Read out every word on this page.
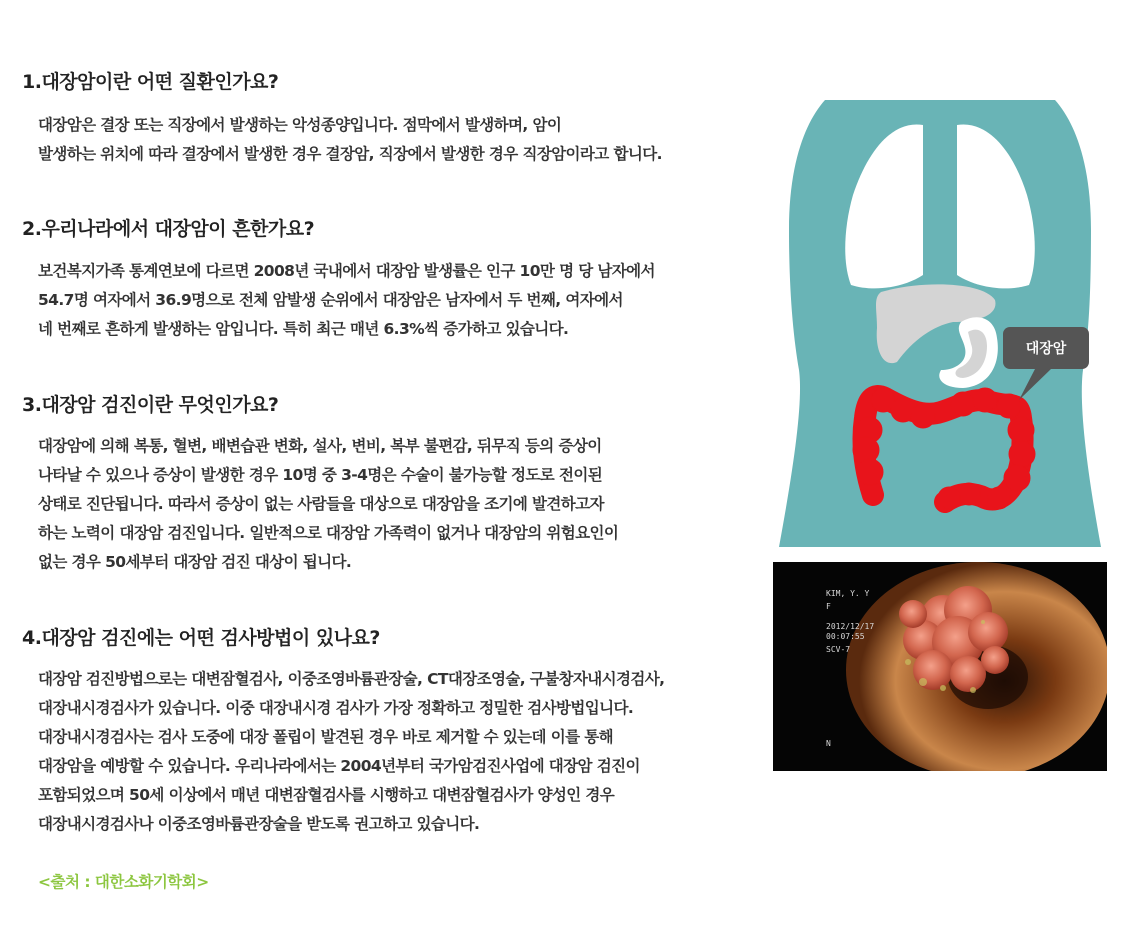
1.대장암이란 어떤 질환인가요?
대장암은 결장 또는 직장에서 발생하는 악성종양입니다. 점막에서 발생하며, 암이
발생하는 위치에 따라 결장에서 발생한 경우 결장암, 직장에서 발생한 경우 직장암이라고 합니다.
2.우리나라에서 대장암이 흔한가요?
보건복지가족 통계연보에 다르면 2008년 국내에서 대장암 발생률은 인구 10만 명 당 남자에서
54.7명 여자에서 36.9명으로 전체 암발생 순위에서 대장암은 남자에서 두 번째, 여자에서
네 번째로 흔하게 발생하는 암입니다. 특히 최근 매년 6.3%씩 증가하고 있습니다.
3.대장암 검진이란 무엇인가요?
대장암에 의해 복통, 혈변, 배변습관 변화, 설사, 변비, 복부 불편감, 뒤무직 등의 증상이
나타날 수 있으나 증상이 발생한 경우 10명 중 3-4명은 수술이 불가능할 정도로 전이된
상태로 진단됩니다. 따라서 증상이 없는 사람들을 대상으로 대장암을 조기에 발견하고자
하는 노력이 대장암 검진입니다. 일반적으로 대장암 가족력이 없거나 대장암의 위험요인이
없는 경우 50세부터 대장암 검진 대상이 됩니다.
4.대장암 검진에는 어떤 검사방법이 있나요?
대장암 검진방법으로는 대변잠혈검사, 이중조영바륨관장술, CT대장조영술, 구불창자내시경검사,
대장내시경검사가 있습니다. 이중 대장내시경 검사가 가장 정확하고 정밀한 검사방법입니다.
대장내시경검사는 검사 도중에 대장 폴립이 발견된 경우 바로 제거할 수 있는데 이를 통해
대장암을 예방할 수 있습니다. 우리나라에서는 2004년부터 국가암검진사업에 대장암 검진이
포함되었으며 50세 이상에서 매년 대변잠혈검사를 시행하고 대변잠혈검사가 양성인 경우
대장내시경검사나 이중조영바륨관장술을 받도록 권고하고 있습니다.
<출처 : 대한소화기학회>
대장암
KIM, Y. Y
F
2012/12/17
00:07:55
SCV-7
N
